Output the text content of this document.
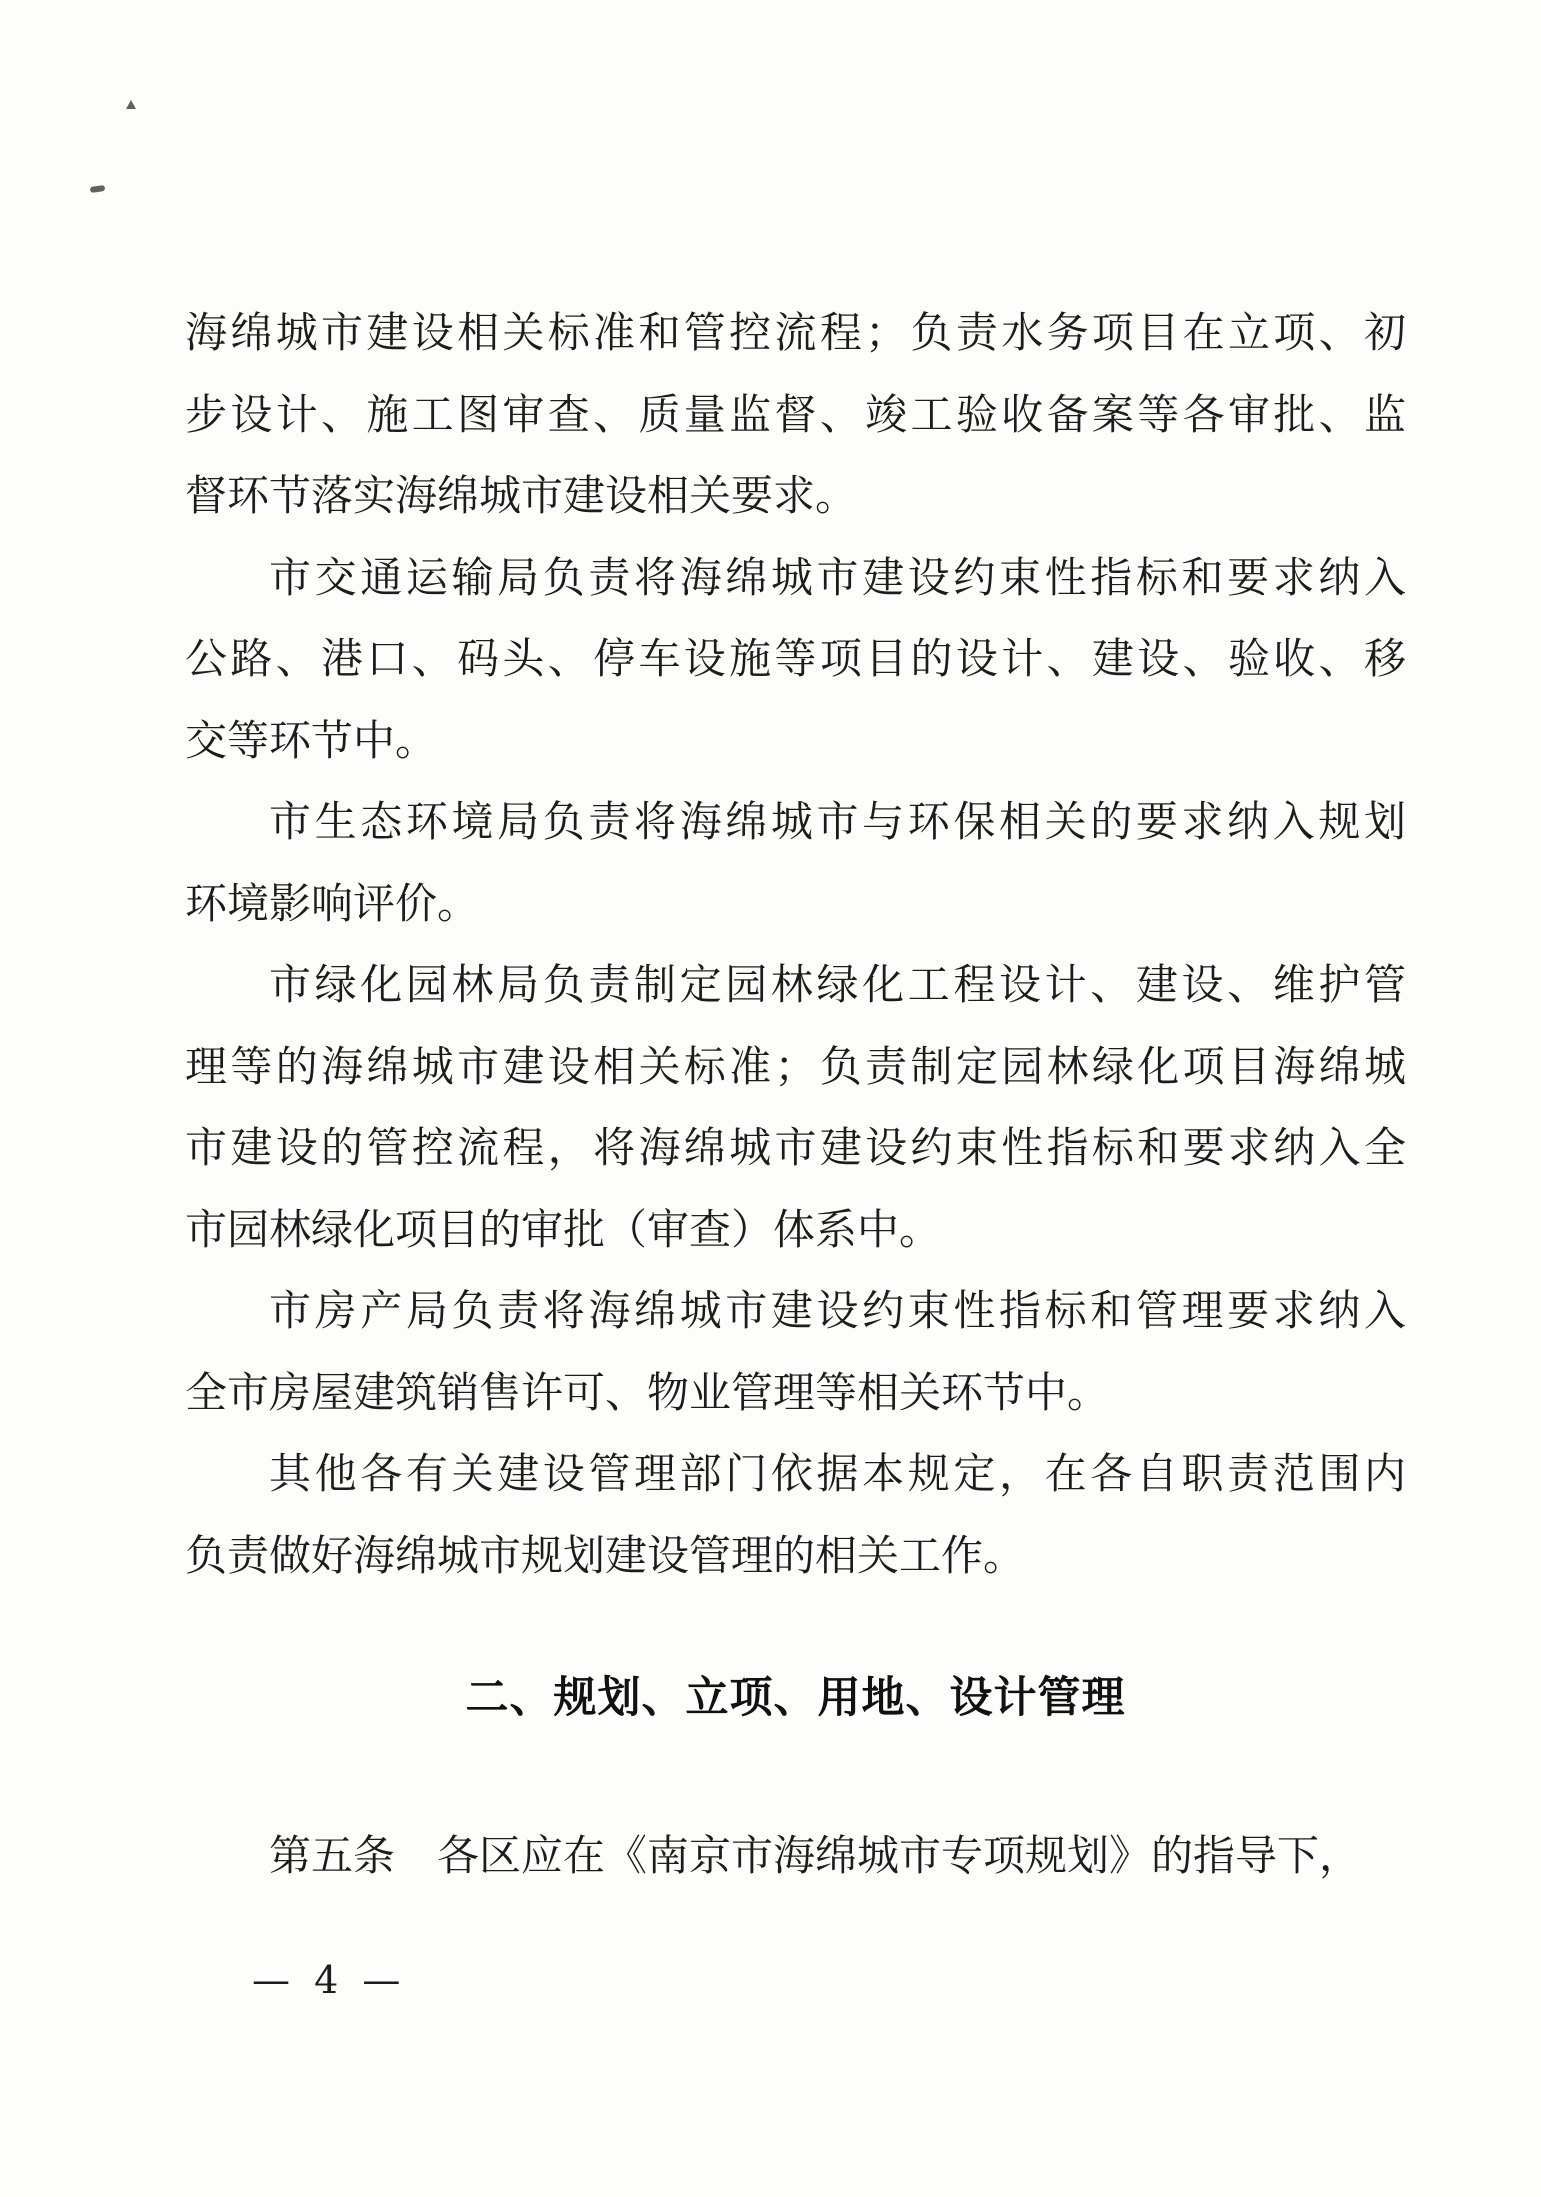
海绵城市建设相关标准和管控流程；负责水务项目在立项、初

步设计、施工图审查、质量监督、竣工验收备案等各审批、监

督环节落实海绵城市建设相关要求。

市交通运输局负责将海绵城市建设约束性指标和要求纳入

公路、港口、码头、停车设施等项目的设计、建设、验收、移

交等环节中。

市生态环境局负责将海绵城市与环保相关的要求纳入规划

环境影响评价。

市绿化园林局负责制定园林绿化工程设计、建设、维护管

理等的海绵城市建设相关标准；负责制定园林绿化项目海绵城

市建设的管控流程，将海绵城市建设约束性指标和要求纳入全

市园林绿化项目的审批（审查）体系中。

市房产局负责将海绵城市建设约束性指标和管理要求纳入

全市房屋建筑销售许可、物业管理等相关环节中。

其他各有关建设管理部门依据本规定，在各自职责范围内

负责做好海绵城市规划建设管理的相关工作。

二、规划、立项、用地、设计管理

第五条　各区应在《南京市海绵城市专项规划》的指导下，

— 4 —
